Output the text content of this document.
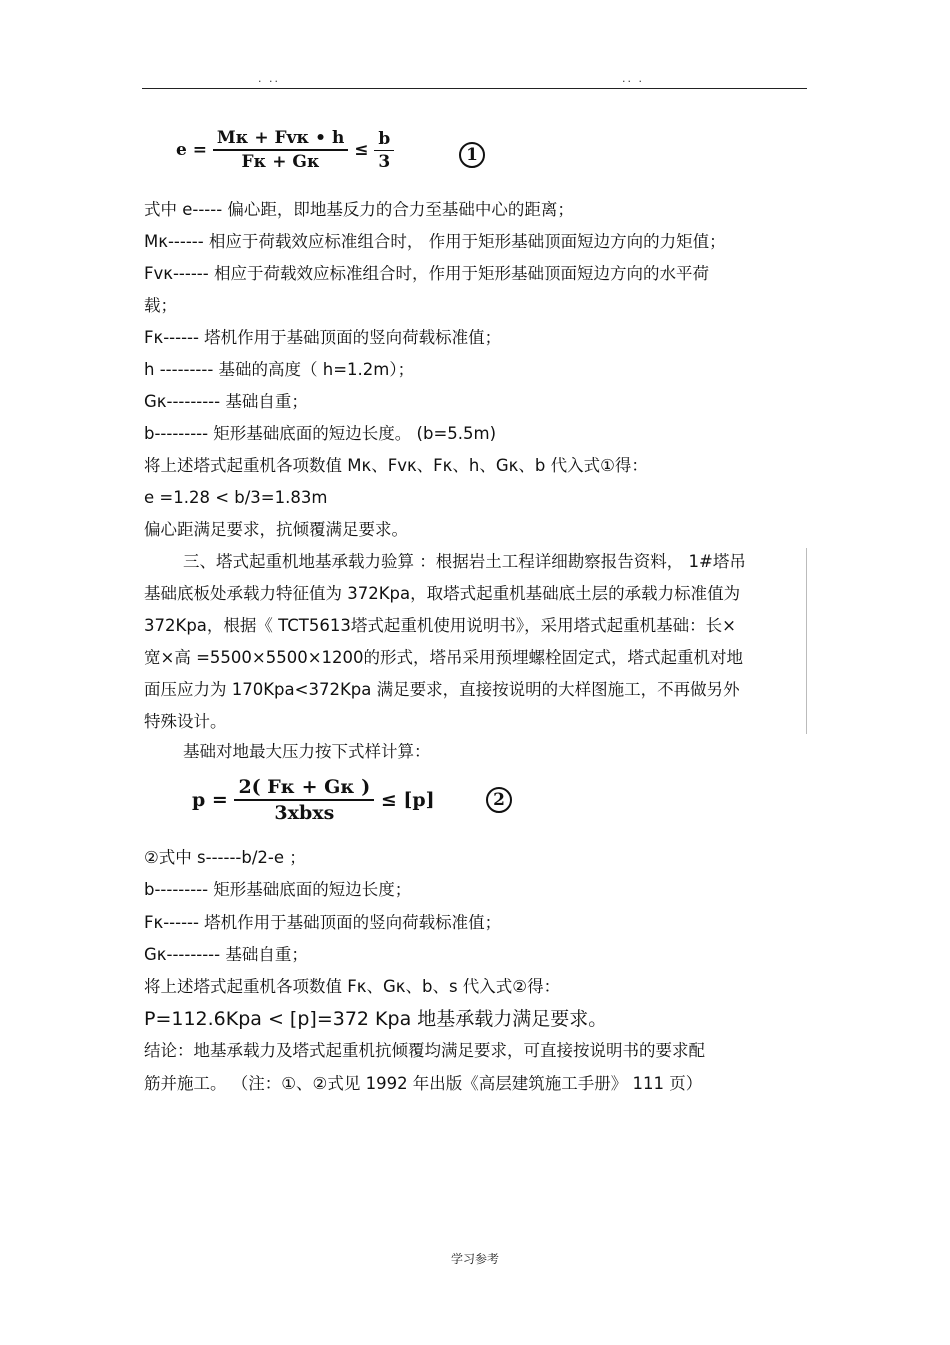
. ..	.. .
$e = \frac{\text{Mκ + Fvκ • h}}{F\kappa + G\kappa} \le \frac{b}{3}$	1
式中 e----- 偏心距，即地基反力的合力至基础中心的距离；
Mκ------ 相应于荷载效应标准组合时， 作用于矩形基础顶面短边方向的力矩值；
Fvκ------ 相应于荷载效应标准组合时，作用于矩形基础顶面短边方向的水平荷
载；
Fκ------ 塔机作用于基础顶面的竖向荷载标准值；
h --------- 基础的高度（ h=1.2m）；
Gκ--------- 基础自重；
b--------- 矩形基础底面的短边长度。 (b=5.5m)
将上述塔式起重机各项数值 Mκ、Fvκ、Fκ、h、Gκ、b 代入式①得：
e =1.28 < b/3=1.83m
偏心距满足要求，抗倾覆满足要求。
三、塔式起重机地基承载力验算 ：根据岩土工程详细勘察报告资料， 1#塔吊
基础底板处承载力特征值为 372Kpa，取塔式起重机基础底土层的承载力标准值为
372Kpa，根据《 TCT5613塔式起重机使用说明书》，采用塔式起重机基础：长×
宽×高 =5500×5500×1200的形式，塔吊采用预埋螺栓固定式，塔式起重机对地
面压应力为 170Kpa<372Kpa 满足要求，直接按说明的大样图施工，不再做另外
特殊设计。
基础对地最大压力按下式样计算：
$p = \frac{2( F\kappa + G\kappa )}{\text{3xbxs}} \le [p]$	2
②式中 s------b/2-e ；
b--------- 矩形基础底面的短边长度；
Fκ------ 塔机作用于基础顶面的竖向荷载标准值；
Gκ--------- 基础自重；
将上述塔式起重机各项数值 Fκ、Gκ、b、s 代入式②得：
P=112.6Kpa < [p]=372 Kpa 地基承载力满足要求。
结论：地基承载力及塔式起重机抗倾覆均满足要求，可直接按说明书的要求配
筋并施工。 （注：①、②式见 1992 年出版《高层建筑施工手册》 111 页）
学习参考
